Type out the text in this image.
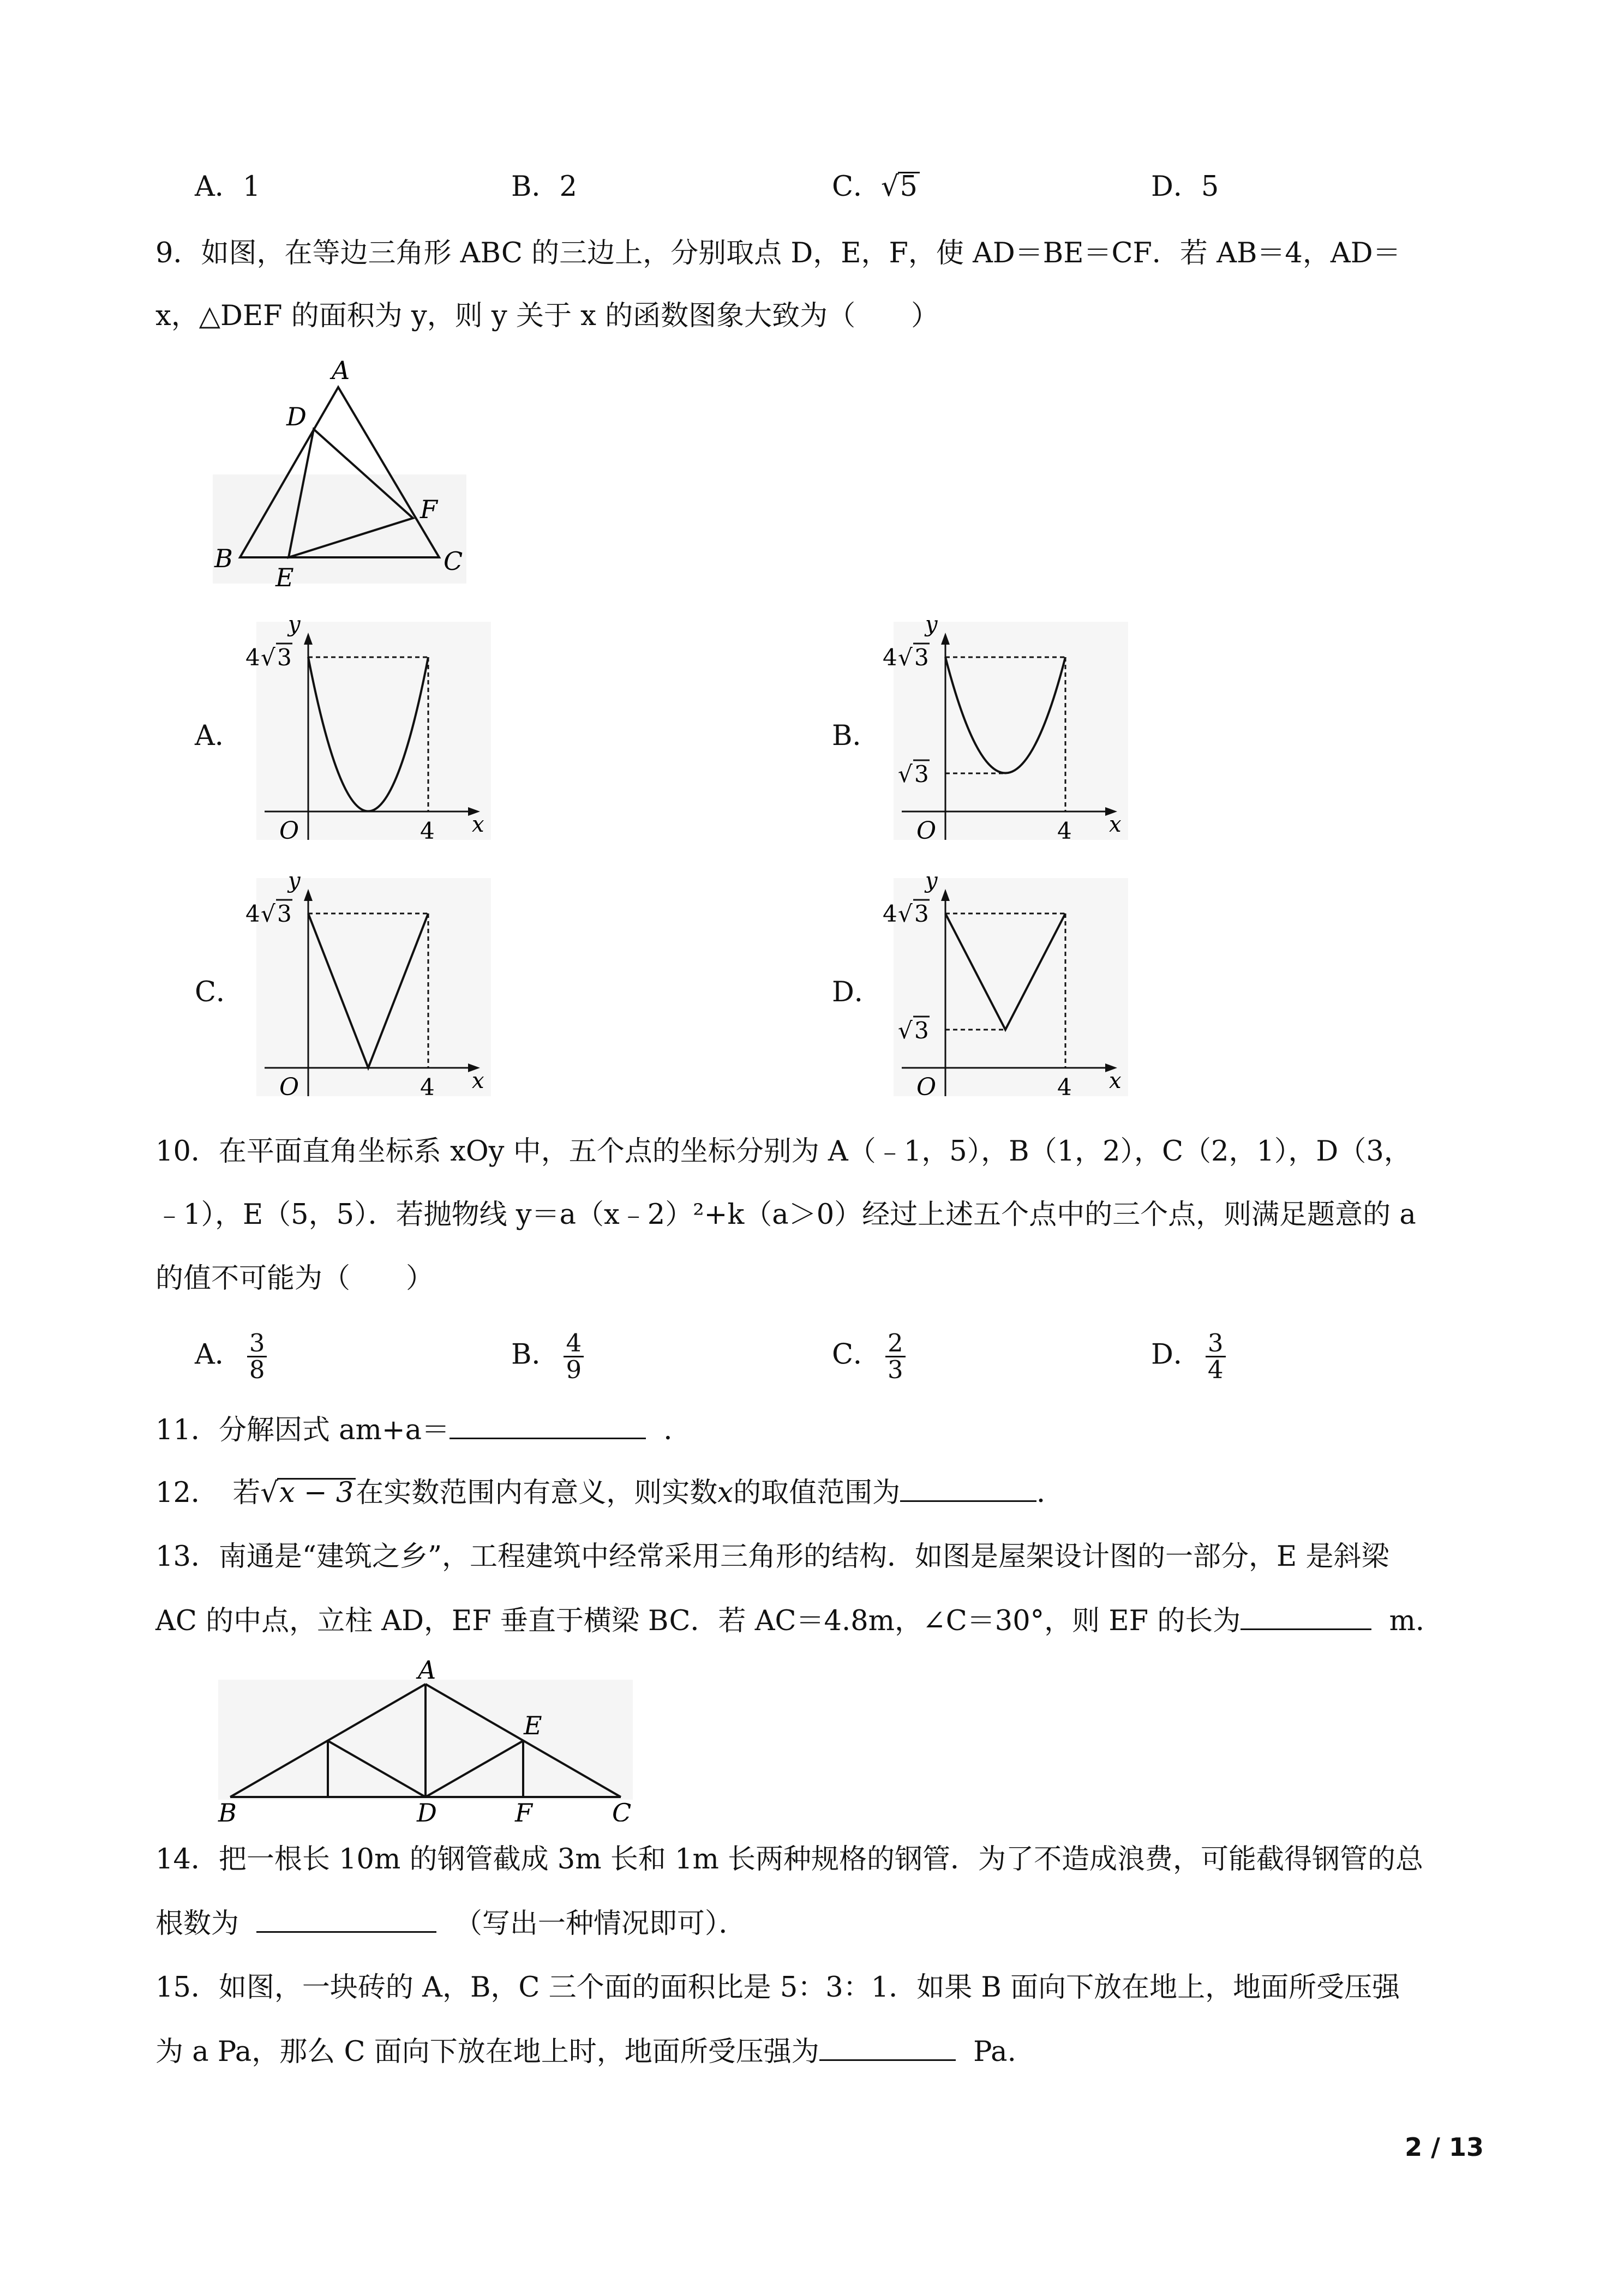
A．1	B．2	C．√5	D．5
9．如图，在等边三角形 ABC 的三边上，分别取点 D，E，F，使 AD＝BE＝CF．若 AB＝4，AD＝
x，△DEF 的面积为 y，则 y 关于 x 的函数图象大致为（　　）
A
D
F
B
E
C
A．	B．
C．	D．
y
x
O	4
4 √ 3
y
x
O	4
4 √ 3
√ 3
y
x
O	4
4 √ 3
y
x
O	4
4 √ 3
√ 3
10．在平面直角坐标系 xOy 中，五个点的坐标分别为 A（﹣1，5），B（1，2），C（2，1），D（3，
﹣1），E（5，5）．若抛物线 y＝a（x﹣2）²+k（a＞0）经过上述五个点中的三个点，则满足题意的 a
的值不可能为（　　）
A． $\frac{3}{8}$	B． $\frac{4}{9}$	C． $\frac{2}{3}$	D． $\frac{3}{4}$
11．分解因式 am+a＝	．
12．　若√x − 3在实数范围内有意义，则实数x的取值范围为	．
13．南通是“建筑之乡”，工程建筑中经常采用三角形的结构．如图是屋架设计图的一部分，E 是斜梁
AC 的中点，立柱 AD，EF 垂直于横梁 BC．若 AC＝4.8m，∠C＝30°，则 EF 的长为	m．
A
B	D	F	C
E
14．把一根长 10m 的钢管截成 3m 长和 1m 长两种规格的钢管．为了不造成浪费，可能截得钢管的总
根数为	（写出一种情况即可）．
15．如图，一块砖的 A，B，C 三个面的面积比是 5：3：1．如果 B 面向下放在地上，地面所受压强
为 a Pa，那么 C 面向下放在地上时，地面所受压强为	Pa.
2 / 13
